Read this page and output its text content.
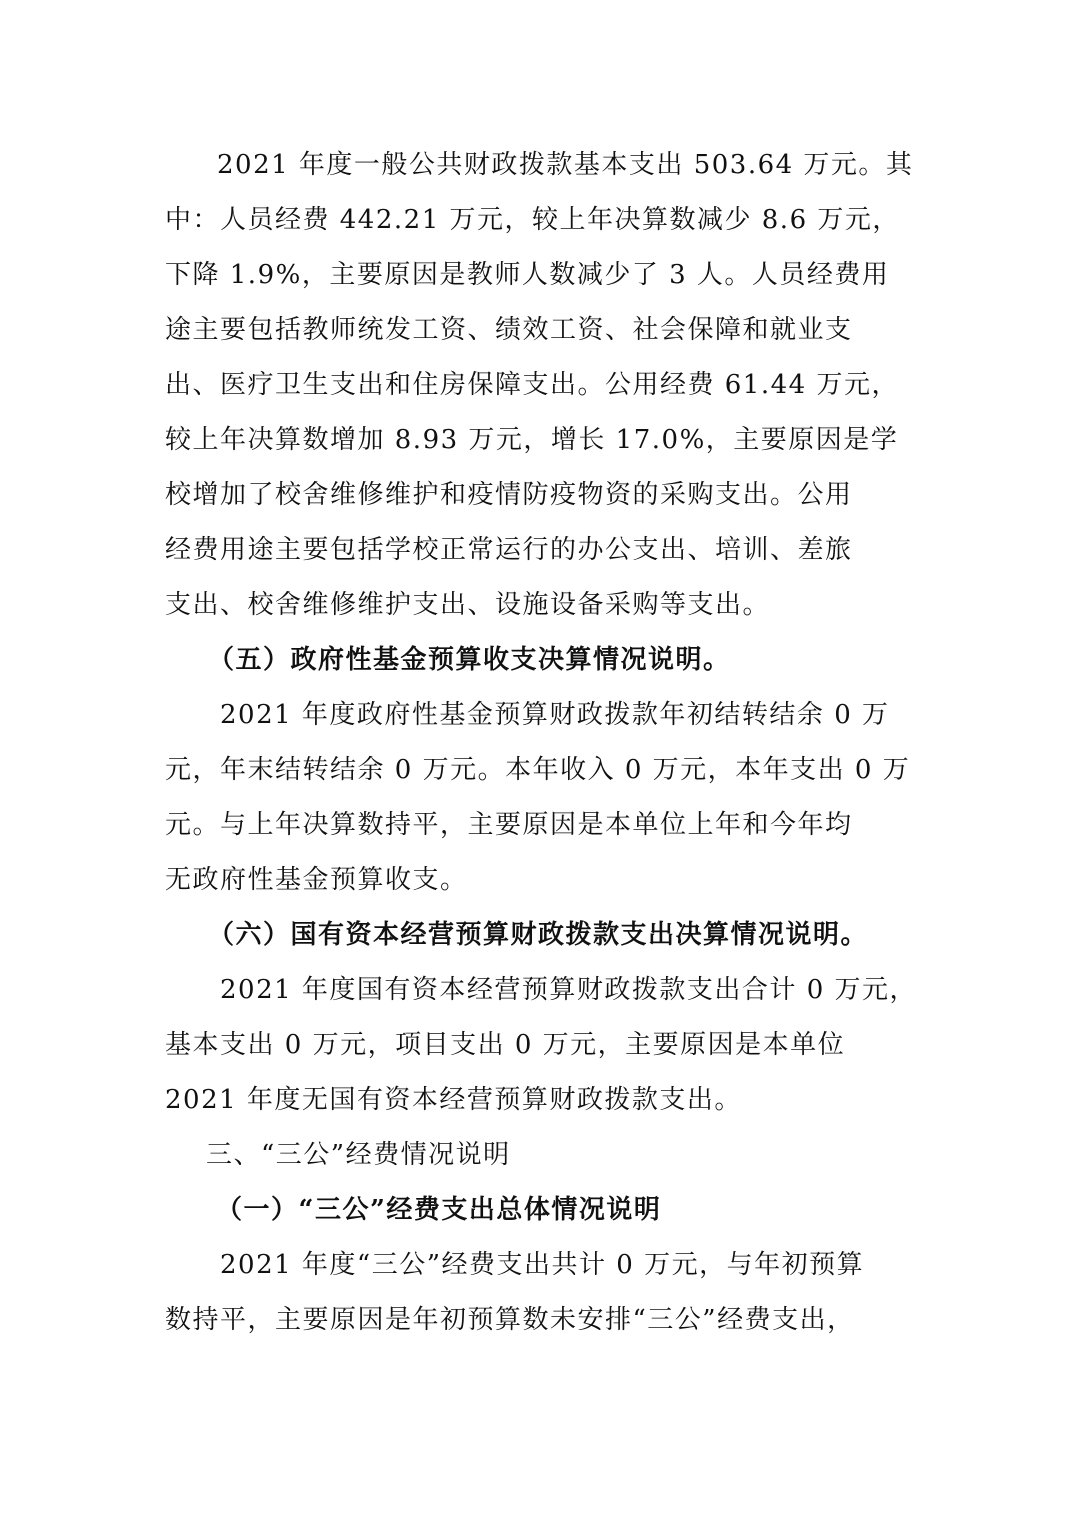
2021 年度一般公共财政拨款基本支出 503.64 万元。其
中：人员经费 442.21 万元，较上年决算数减少 8.6 万元，
下降 1.9%，主要原因是教师人数减少了 3 人。人员经费用
途主要包括教师统发工资、绩效工资、社会保障和就业支
出、医疗卫生支出和住房保障支出。公用经费 61.44 万元，
较上年决算数增加 8.93 万元，增长 17.0%，主要原因是学
校增加了校舍维修维护和疫情防疫物资的采购支出。公用
经费用途主要包括学校正常运行的办公支出、培训、差旅
支出、校舍维修维护支出、设施设备采购等支出。
（五）政府性基金预算收支决算情况说明。
2021 年度政府性基金预算财政拨款年初结转结余 0 万
元，年末结转结余 0 万元。本年收入 0 万元，本年支出 0 万
元。与上年决算数持平，主要原因是本单位上年和今年均
无政府性基金预算收支。
（六）国有资本经营预算财政拨款支出决算情况说明。
2021 年度国有资本经营预算财政拨款支出合计 0 万元，
基本支出 0 万元，项目支出 0 万元，主要原因是本单位
2021 年度无国有资本经营预算财政拨款支出。
三、“三公”经费情况说明
（一）“三公”经费支出总体情况说明
2021 年度“三公”经费支出共计 0 万元，与年初预算
数持平，主要原因是年初预算数未安排“三公”经费支出，
